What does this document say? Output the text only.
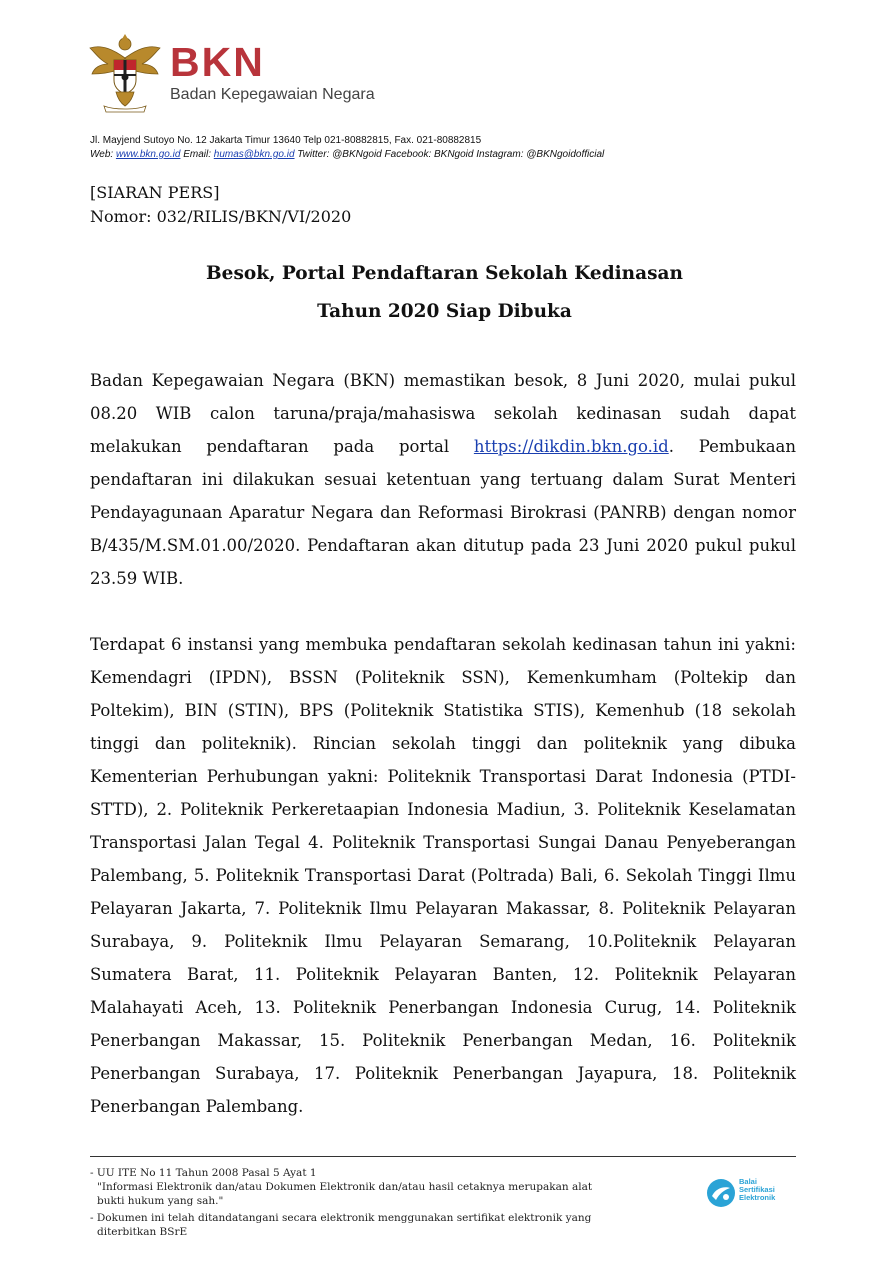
BKN
Badan Kepegawaian Negara
Jl. Mayjend Sutoyo No. 12 Jakarta Timur 13640 Telp 021-80882815, Fax. 021-80882815
Web: www.bkn.go.id Email: humas@bkn.go.id Twitter: @BKNgoid Facebook: BKNgoid Instagram: @BKNgoidofficial
[SIARAN PERS]
Nomor: 032/RILIS/BKN/VI/2020
Besok, Portal Pendaftaran Sekolah Kedinasan
Tahun 2020 Siap Dibuka
Badan Kepegawaian Negara (BKN) memastikan besok, 8 Juni 2020, mulai pukul 08.20 WIB calon taruna/praja/mahasiswa sekolah kedinasan sudah dapat melakukan pendaftaran pada portal https://dikdin.bkn.go.id. Pembukaan pendaftaran ini dilakukan sesuai ketentuan yang tertuang dalam Surat Menteri Pendayagunaan Aparatur Negara dan Reformasi Birokrasi (PANRB) dengan nomor B/435/M.SM.01.00/2020. Pendaftaran akan ditutup pada 23 Juni 2020 pukul pukul 23.59 WIB.
Terdapat 6 instansi yang membuka pendaftaran sekolah kedinasan tahun ini yakni: Kemendagri (IPDN), BSSN (Politeknik SSN), Kemenkumham (Poltekip dan Poltekim), BIN (STIN), BPS (Politeknik Statistika STIS), Kemenhub (18 sekolah tinggi dan politeknik). Rincian sekolah tinggi dan politeknik yang dibuka Kementerian Perhubungan yakni: Politeknik Transportasi Darat Indonesia (PTDI-STTD), 2. Politeknik Perkeretaapian Indonesia Madiun, 3. Politeknik Keselamatan Transportasi Jalan Tegal 4. Politeknik Transportasi Sungai Danau Penyeberangan Palembang, 5. Politeknik Transportasi Darat (Poltrada) Bali, 6. Sekolah Tinggi Ilmu Pelayaran Jakarta, 7. Politeknik Ilmu Pelayaran Makassar, 8. Politeknik Pelayaran Surabaya, 9. Politeknik Ilmu Pelayaran Semarang, 10.Politeknik Pelayaran Sumatera Barat, 11. Politeknik Pelayaran Banten, 12. Politeknik Pelayaran Malahayati Aceh, 13. Politeknik Penerbangan Indonesia Curug, 14. Politeknik Penerbangan Makassar, 15. Politeknik Penerbangan Medan, 16. Politeknik Penerbangan Surabaya, 17. Politeknik Penerbangan Jayapura, 18. Politeknik Penerbangan Palembang.
- UU ITE No 11 Tahun 2008 Pasal 5 Ayat 1
"Informasi Elektronik dan/atau Dokumen Elektronik dan/atau hasil cetaknya merupakan alat
bukti hukum yang sah."
- Dokumen ini telah ditandatangani secara elektronik menggunakan sertifikat elektronik yang
diterbitkan BSrE
Balai
Sertifikasi
Elektronik
